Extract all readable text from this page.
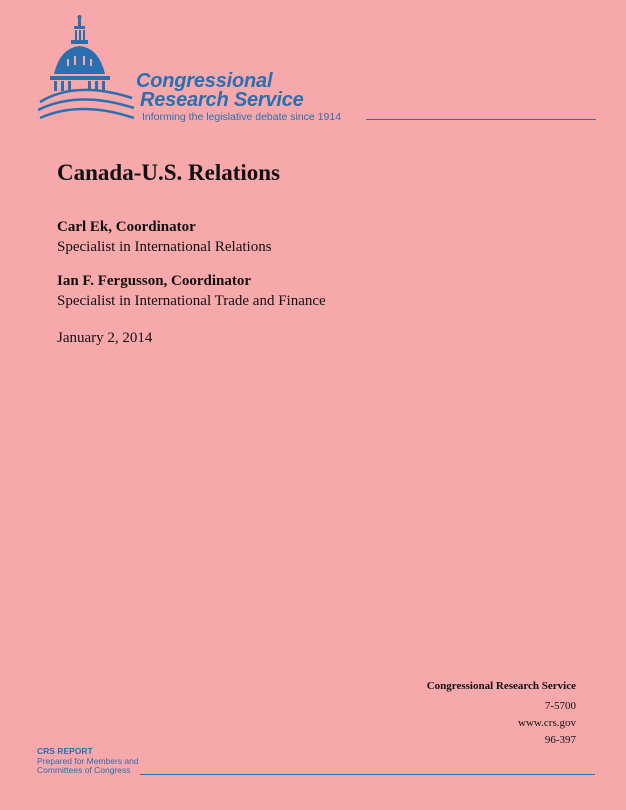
Congressional
Research Service
Informing the legislative debate since 1914
Canada-U.S. Relations
Carl Ek, Coordinator
Specialist in International Relations
Ian F. Fergusson, Coordinator
Specialist in International Trade and Finance
January 2, 2014
Congressional Research Service
7-5700
www.crs.gov
96-397
CRS REPORT
Prepared for Members and
Committees of Congress
